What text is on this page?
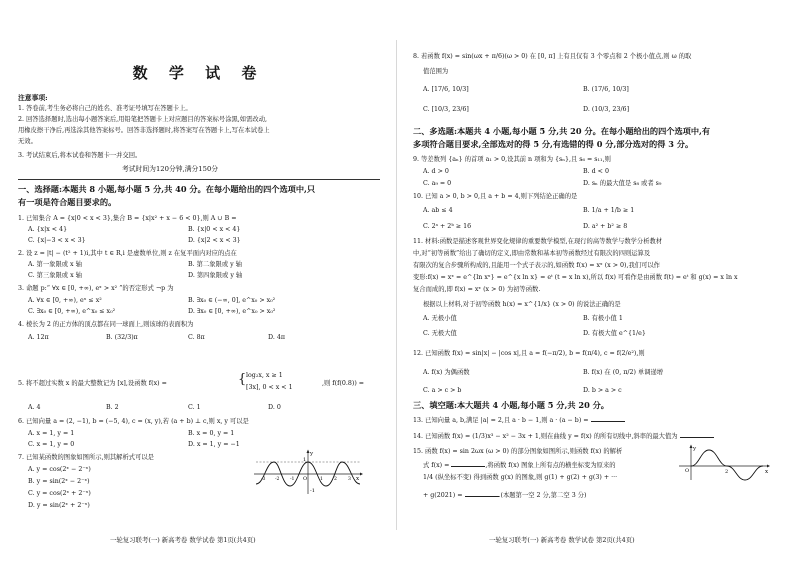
数 学 试 卷
注意事项:
1. 答卷前,考生务必将自己的姓名、准考证号填写在答题卡上。
2. 回答选择题时,选出每小题答案后,用铅笔把答题卡上对应题目的答案标号涂黑,如需改动,
用橡皮擦干净后,再选涂其他答案标号。回答非选择题时,将答案写在答题卡上,写在本试卷上
无效。
3. 考试结束后,将本试卷和答题卡一并交回。
考试时间为120分钟,满分150分
一、选择题:本题共 8 小题,每小题 5 分,共 40 分。在每小题给出的四个选项中,只
有一项是符合题目要求的。
1. 已知集合 A = {x|0 < x < 3},集合 B = {x|x² + x − 6 < 0},则 A ∪ B =
A. {x|x < 4}	B. {x|0 < x < 4}
C. {x|−3 < x < 3}	D. {x|2 < x < 3}
2. 设 z = |t| − (t² + 1)i,其中 t ∈ R,i 是虚数单位,则 z 在复平面内对应的点在
A. 第一象限或 x 轴	B. 第二象限或 y 轴
C. 第三象限或 x 轴	D. 第四象限或 y 轴
3. 命题 p:“ ∀x ∈ [0, +∞), eˣ > x² ”的否定形式 ¬p 为
A. ∀x ∈ [0, +∞), eˣ ≤ x²	B. ∃x₀ ∈ (−∞, 0], e^x₀ > x₀²
C. ∃x₀ ∈ [0, +∞), e^x₀ ≤ x₀²	D. ∃x₀ ∈ [0, +∞), e^x₀ > x₀²
4. 棱长为 2 的正方体的顶点都在同一球面上,则该球的表面积为
A. 12π	B. (32/3)π	C. 8π	D. 4π
5. 将不超过实数 x 的最大整数记为 [x],设函数 f(x) =	{ log₂x, x ≥ 1
[3x], 0 < x < 1
,则 f(f(0.8)) =
A. 4	B. 2	C. 1	D. 0
6. 已知向量 a = (2, −1), b = (−5, 4), c = (x, y),若 (a + b) ⊥ c,则 x, y 可以是
A. x = 1, y = 1	B. x = 0, y = 1
C. x = 1, y = 0	D. x = 1, y = −1
7. 已知某函数的图象如图所示,则其解析式可以是
A. y = cos(2ˣ − 2⁻ˣ)
B. y = sin(2ˣ − 2⁻ˣ)
C. y = cos(2ˣ + 2⁻ˣ)
D. y = sin(2ˣ + 2⁻ˣ)
y
1
O	x
-1
-3 -2 -1	1 2 3
一轮复习联考(一) 新高考卷 数学试卷 第1页(共4页)
8. 若函数 f(x) = sin(ωx + π/6)(ω > 0) 在 [0, π] 上有且仅有 3 个零点和 2 个极小值点,则 ω 的取
值范围为
A. [17/6, 10/3]	B. (17/6, 10/3]
C. [10/3, 23/6]	D. (10/3, 23/6]
二、多选题:本题共 4 小题,每小题 5 分,共 20 分。在每小题给出的四个选项中,有
多项符合题目要求,全部选对的得 5 分,有选错的得 0 分,部分选对的得 3 分。
9. 等差数列 {aₙ} 的首项 a₁ > 0,设其前 n 项和为 {sₙ},且 s₆ = s₁₁,则
A. d > 0	B. d < 0
C. a₉ = 0	D. sₙ 的最大值是 s₈ 或者 s₉
10. 已知 a > 0, b > 0,且 a + b = 4,则下列结论正确的是
A. ab ≤ 4	B. 1/a + 1/b ≥ 1
C. 2ᵃ + 2ᵇ ≥ 16	D. a² + b² ≥ 8
11. 材料:函数是描述客观世界变化规律的重要数学模型,在现行的高等数学与数学分析教材
中,对“初等函数”给出了确切的定义,即由常数和基本初等函数经过有限次的四则运算及
有限次的复合步骤所构成的,且能用一个式子表示的,如函数 f(x) = xˣ (x > 0),我们可以作
变形:f(x) = xˣ = e^{ln xˣ} = e^{x ln x} = eᵗ (t = x ln x),所以 f(x) 可看作是由函数 f(t) = eᵗ 和 g(x) = x ln x
复合而成的,即 f(x) = xˣ (x > 0) 为初等函数.
根据以上材料,对于初等函数 h(x) = x^{1/x} (x > 0) 的说法正确的是
A. 无极小值	B. 有极小值 1
C. 无极大值	D. 有极大值 e^{1/e}
12. 已知函数 f(x) = sin|x| − |cos x|,且 a = f(−π/2), b = f(π/4), c = f(2/e²),则
A. f(x) 为偶函数	B. f(x) 在 (0, π/2) 单调递增
C. a > c > b	D. b > a > c
三、填空题:本大题共 4 小题,每小题 5 分,共 20 分。
13. 已知向量 a, b,满足 |a| = 2,且 a · b − 1,则 a · (a − b) =
14. 已知函数 f(x) = (1/3)x³ − x² − 3x + 1,则在曲线 y = f(x) 的所有切线中,斜率的最大值为
15. 函数 f(x) = sin 2ωx (ω > 0) 的部分图象如图所示,则函数 f(x) 的解析
式 f(x) =	,将函数 f(x) 图象上所有点的横坐标变为原来的
1/4 (纵坐标不变) 得到函数 g(x) 的图象,则 g(1) + g(2) + g(3) + ···
+ g(2021) =	.(本题第一空 2 分,第二空 3 分)
y
O	2	x
一轮复习联考(一) 新高考卷 数学试卷 第2页(共4页)
